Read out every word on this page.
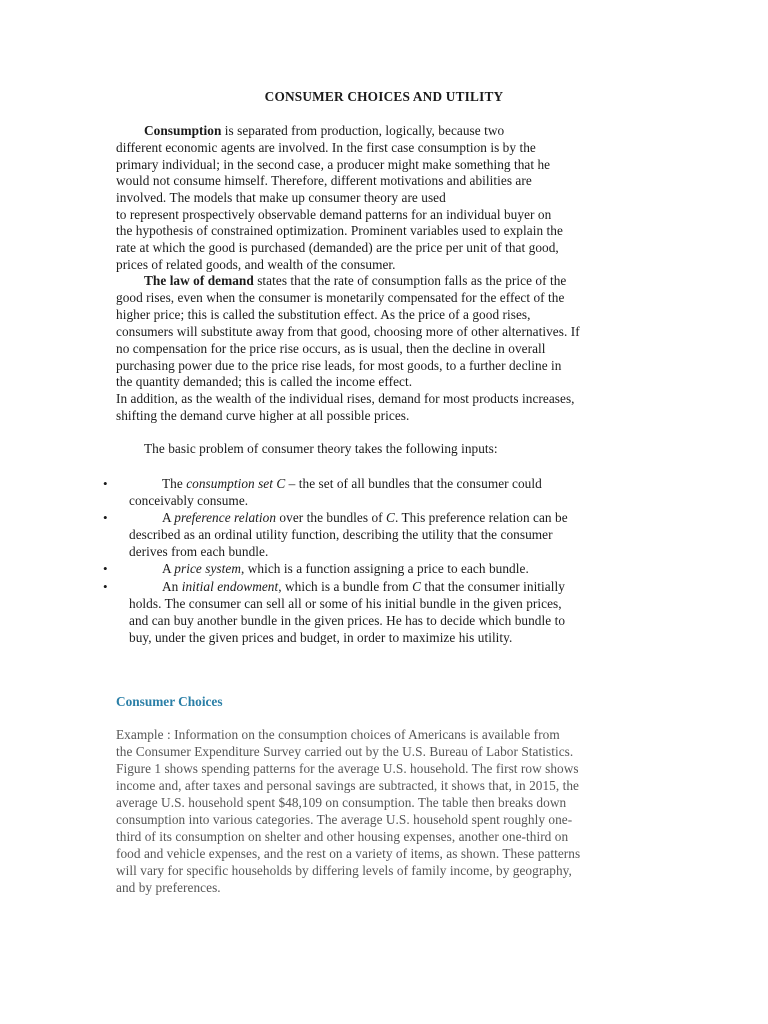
CONSUMER CHOICES AND UTILITY
Consumption is separated from production, logically, because two
different economic agents are involved. In the first case consumption is by the
primary individual; in the second case, a producer might make something that he
would not consume himself. Therefore, different motivations and abilities are
involved. The models that make up consumer theory are used
to represent prospectively observable demand patterns for an individual buyer on
the hypothesis of constrained optimization. Prominent variables used to explain the
rate at which the good is purchased (demanded) are the price per unit of that good,
prices of related goods, and wealth of the consumer.
The law of demand states that the rate of consumption falls as the price of the
good rises, even when the consumer is monetarily compensated for the effect of the
higher price; this is called the substitution effect. As the price of a good rises,
consumers will substitute away from that good, choosing more of other alternatives. If
no compensation for the price rise occurs, as is usual, then the decline in overall
purchasing power due to the price rise leads, for most goods, to a further decline in
the quantity demanded; this is called the income effect.
In addition, as the wealth of the individual rises, demand for most products increases,
shifting the demand curve higher at all possible prices.
The basic problem of consumer theory takes the following inputs:
•	The consumption set C – the set of all bundles that the consumer could
conceivably consume.
•	A preference relation over the bundles of C. This preference relation can be
described as an ordinal utility function, describing the utility that the consumer
derives from each bundle.
•	A price system, which is a function assigning a price to each bundle.
•	An initial endowment, which is a bundle from C that the consumer initially
holds. The consumer can sell all or some of his initial bundle in the given prices,
and can buy another bundle in the given prices. He has to decide which bundle to
buy, under the given prices and budget, in order to maximize his utility.
Consumer Choices
Example : Information on the consumption choices of Americans is available from
the Consumer Expenditure Survey carried out by the U.S. Bureau of Labor Statistics.
Figure 1 shows spending patterns for the average U.S. household. The first row shows
income and, after taxes and personal savings are subtracted, it shows that, in 2015, the
average U.S. household spent $48,109 on consumption. The table then breaks down
consumption into various categories. The average U.S. household spent roughly one-
third of its consumption on shelter and other housing expenses, another one-third on
food and vehicle expenses, and the rest on a variety of items, as shown. These patterns
will vary for specific households by differing levels of family income, by geography,
and by preferences.
